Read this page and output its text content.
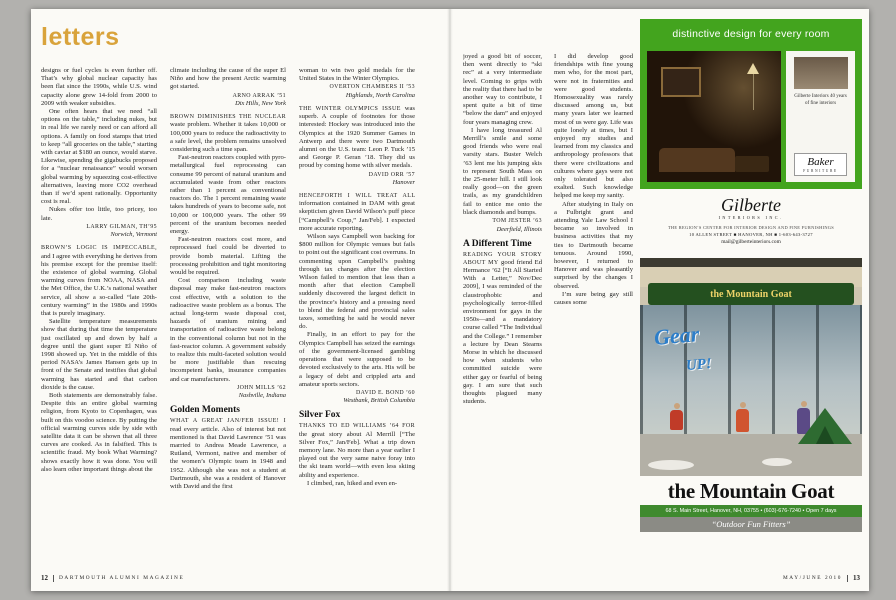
letters

designs or fuel cycles is even further off. That’s why global nuclear capacity has been flat since the 1990s, while U.S. wind capacity alone grew 14-fold from 2000 to 2009 with weaker subsidies.

One often hears that we need “all options on the table,” including nukes, but in real life we rarely need or can afford all options. A family on food stamps that tried to keep “all groceries on the table,” starting with caviar at $180 an ounce, would starve. Likewise, spending the gigabucks proposed for a “nuclear renaissance” would worsen global warming by squeezing cost-effective alternatives, leaving more CO2 overhead than if we’d spent rationally. Opportunity cost is real.

Nukes offer too little, too pricey, too late.

LARRY GILMAN, TH’95
Norwich, Vermont

BROWN’S LOGIC IS IMPECCABLE, and I agree with everything he derives from his premise except for the premise itself: the existence of global warming. Global warming curves from NOAA, NASA and the Met Office, the U.K.’s national weather service, all show a so-called “late 20th-century warming” in the 1980s and 1990s that is purely imaginary.

Satellite temperature measurements show that during that time the temperature just oscillated up and down by half a degree until the giant super El Niño of 1998 showed up. Yet in the middle of this period NASA’s James Hansen gets up in front of the Senate and testifies that global warming has started and that carbon dioxide is the cause.

Both statements are demonstrably false. Despite this an entire global warming religion, from Kyoto to Copenhagen, was built on this voodoo science. By putting the official warming curves side by side with satellite data it can be shown that all three curves are cooked. As in falsified. This is scientific fraud. My book What Warming? shows exactly how it was done. You will also learn other important things about the

climate including the cause of the super El Niño and how the present Arctic warming got started.

ARNO ARRAK ’51
Dix Hills, New York

BROWN DIMINISHES THE NUCLEAR waste problem. Whether it takes 10,000 or 100,000 years to reduce the radioactivity to a safe level, the problem remains unsolved considering such a time span.

Fast-neutron reactors coupled with pyro-metallurgical fuel reprocessing can consume 99 percent of natural uranium and accumulated waste from other reactors rather than 1 percent as conventional reactors do. The 1 percent remaining waste takes hundreds of years to become safe, not 10,000 or 100,000 years. The other 99 percent of the uranium becomes needed energy.

Fast-neutron reactors cost more, and reprocessed fuel could be diverted to provide bomb material. Lifting the processing prohibition and tight monitoring would be required.

Cost comparison including waste disposal may make fast-neutron reactors cost effective, with a solution to the radioactive waste problem as a bonus. The actual long-term waste disposal cost, hazards of uranium mining and transportation of radioactive waste belong in the conventional column but not in the fast-reactor column. A government subsidy to realize this multi-faceted solution would be more justifiable than rescuing incompetent banks, insurance companies and car manufacturers.

JOHN MILLS ’62
Nashville, Indiana
Golden Moments

WHAT A GREAT JAN/FEB ISSUE! I read every article. Also of interest but not mentioned is that David Lawrence ’51 was married to Andrea Meade Lawrence, a Rutland, Vermont, native and member of the women’s Olympic team in 1948 and 1952. Although she was not a student at Dartmouth, she was a resident of Hanover with David and the first

woman to win two gold medals for the United States in the Winter Olympics.

OVERTON CHAMBERS II ’53
Highlands, North Carolina

THE WINTER OLYMPICS ISSUE was superb. A couple of footnotes for those interested: Hockey was introduced into the Olympics at the 1920 Summer Games in Antwerp and there were two Dartmouth alumni on the U.S. team: Leon P. Tuck ’15 and George P. Geran ’18. They did us proud by coming home with silver medals.

DAVID ORR ’57
Hanover

HENCEFORTH I WILL TREAT ALL information contained in DAM with great skepticism given David Wilson’s puff piece [“Campbell’s Coup,” Jan/Feb]. I expected more accurate reporting.

Wilson says Campbell won backing for $800 million for Olympic venues but fails to point out the significant cost overruns. In commenting upon Campbell’s pushing through tax changes after the election Wilson failed to mention that less than a month after that election Campbell suddenly discovered the largest deficit in the province’s history and a pressing need to blend the federal and provincial sales taxes, something he said he would never do.

Finally, in an effort to pay for the Olympics Campbell has seized the earnings of the government-licensed gambling operations that were supposed to be devoted exclusively to the arts. His will be a legacy of debt and crippled arts and amateur sports sectors.

DAVID E. BOND ’60
Westbank, British Columbia
Silver Fox

THANKS TO ED WILLIAMS ’64 FOR the great story about Al Merrill [“The Silver Fox,” Jan/Feb]. What a trip down memory lane. No more than a year earlier I played out the very same naive foray into the ski team world—with even less skiing ability and experience.

I climbed, ran, hiked and even en-

12 DARTMOUTH ALUMNI MAGAZINE

joyed a good bit of soccer, then went directly to “ski rec” at a very intermediate level. Coming to grips with the reality that there had to be another way to contribute, I spent quite a bit of time “below the dam” and enjoyed four years managing crew.

I have long treasured Al Merrill’s smile and some good friends who were real varsity stars. Buster Welch ’63 lent me his jumping skis to represent South Mass on the 25-meter hill. I still look really good—on the green trails, as my grandchildren fail to entice me onto the black diamonds and bumps.

TOM JESTER ’63
Deerfield, Illinois
A Different Time

READING YOUR STORY ABOUT MY good friend Ed Hermance ’62 [“It All Started With a Letter,” Nov/Dec 2009], I was reminded of the claustrophobic and psychologically terror-filled environment for gays in the 1950s—and a mandatory course called “The Individual and the College.” I remember a lecture by Dean Stearns Morse in which he discussed how when students who committed suicide were either gay or fearful of being gay. I am sure that such thoughts plagued many students.

I did develop good friendships with fine young men who, for the most part, were not in fraternities and were good students. Homosexuality was rarely discussed among us, but many years later we learned most of us were gay. Life was quite lonely at times, but I enjoyed my studies and learned from my classics and anthropology professors that there were civilizations and cultures where gays were not only tolerated but also exalted. Such knowledge helped me keep my sanity.

After studying in Italy on a Fulbright grant and attending Yale Law School I became so involved in business activities that my ties to Dartmouth became tenuous. Around 1990, however, I returned to Hanover and was pleasantly surprised by the changes I observed.

I’m sure being gay still causes some

distinctive design for every room
Gilberte Interiors 40 years of fine interiors
Baker
FURNITURE
Gilberte
INTERIORS INC.
THE REGION’S CENTER FOR INTERIOR DESIGN AND FINE FURNISHINGS
10 ALLEN STREET ■ HANOVER, NH ■ 1-603-643-3727
mail@gilberteinteriors.com
the Mountain Goat
Gear
UP!
the Mountain Goat
68 S. Main Street, Hanover, NH, 03755 • (603)-676-7240 • Open 7 days
“Outdoor Fun Fitters”
MAY/JUNE 2010 13
